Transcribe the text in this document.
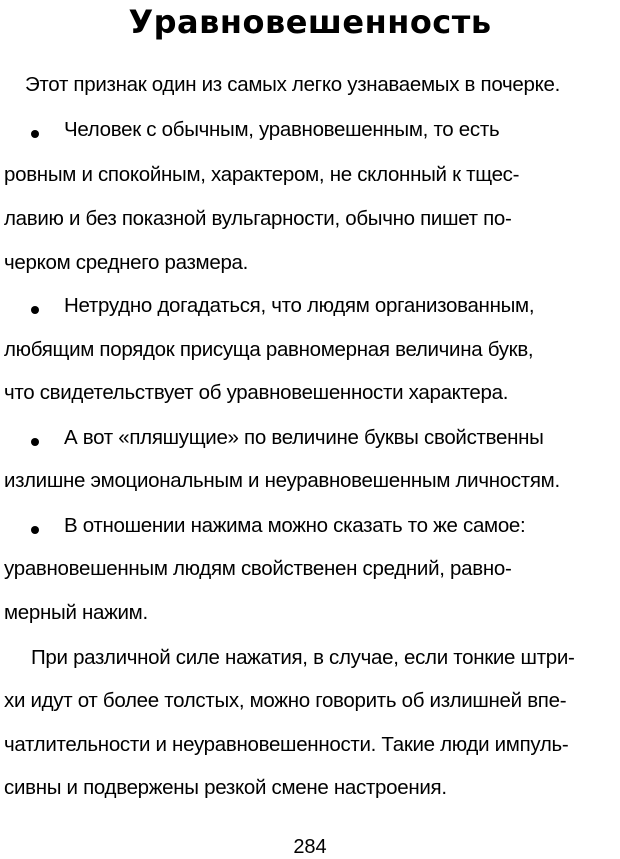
Уравновешенность
Этот признак один из самых легко узнаваемых в почерке.
Человек с обычным, уравновешенным, то есть
ровным и спокойным, характером, не склонный к тщес-
лавию и без показной вульгарности, обычно пишет по-
черком среднего размера.
Нетрудно догадаться, что людям организованным,
любящим порядок присуща равномерная величина букв,
что свидетельствует об уравновешенности характера.
А вот «пляшущие» по величине буквы свойственны
излишне эмоциональным и неуравновешенным личностям.
В отношении нажима можно сказать то же самое:
уравновешенным людям свойственен средний, равно-
мерный нажим.
При различной силе нажатия, в случае, если тонкие штри-
хи идут от более толстых, можно говорить об излишней впе-
чатлительности и неуравновешенности. Такие люди импуль-
сивны и подвержены резкой смене настроения.
284
